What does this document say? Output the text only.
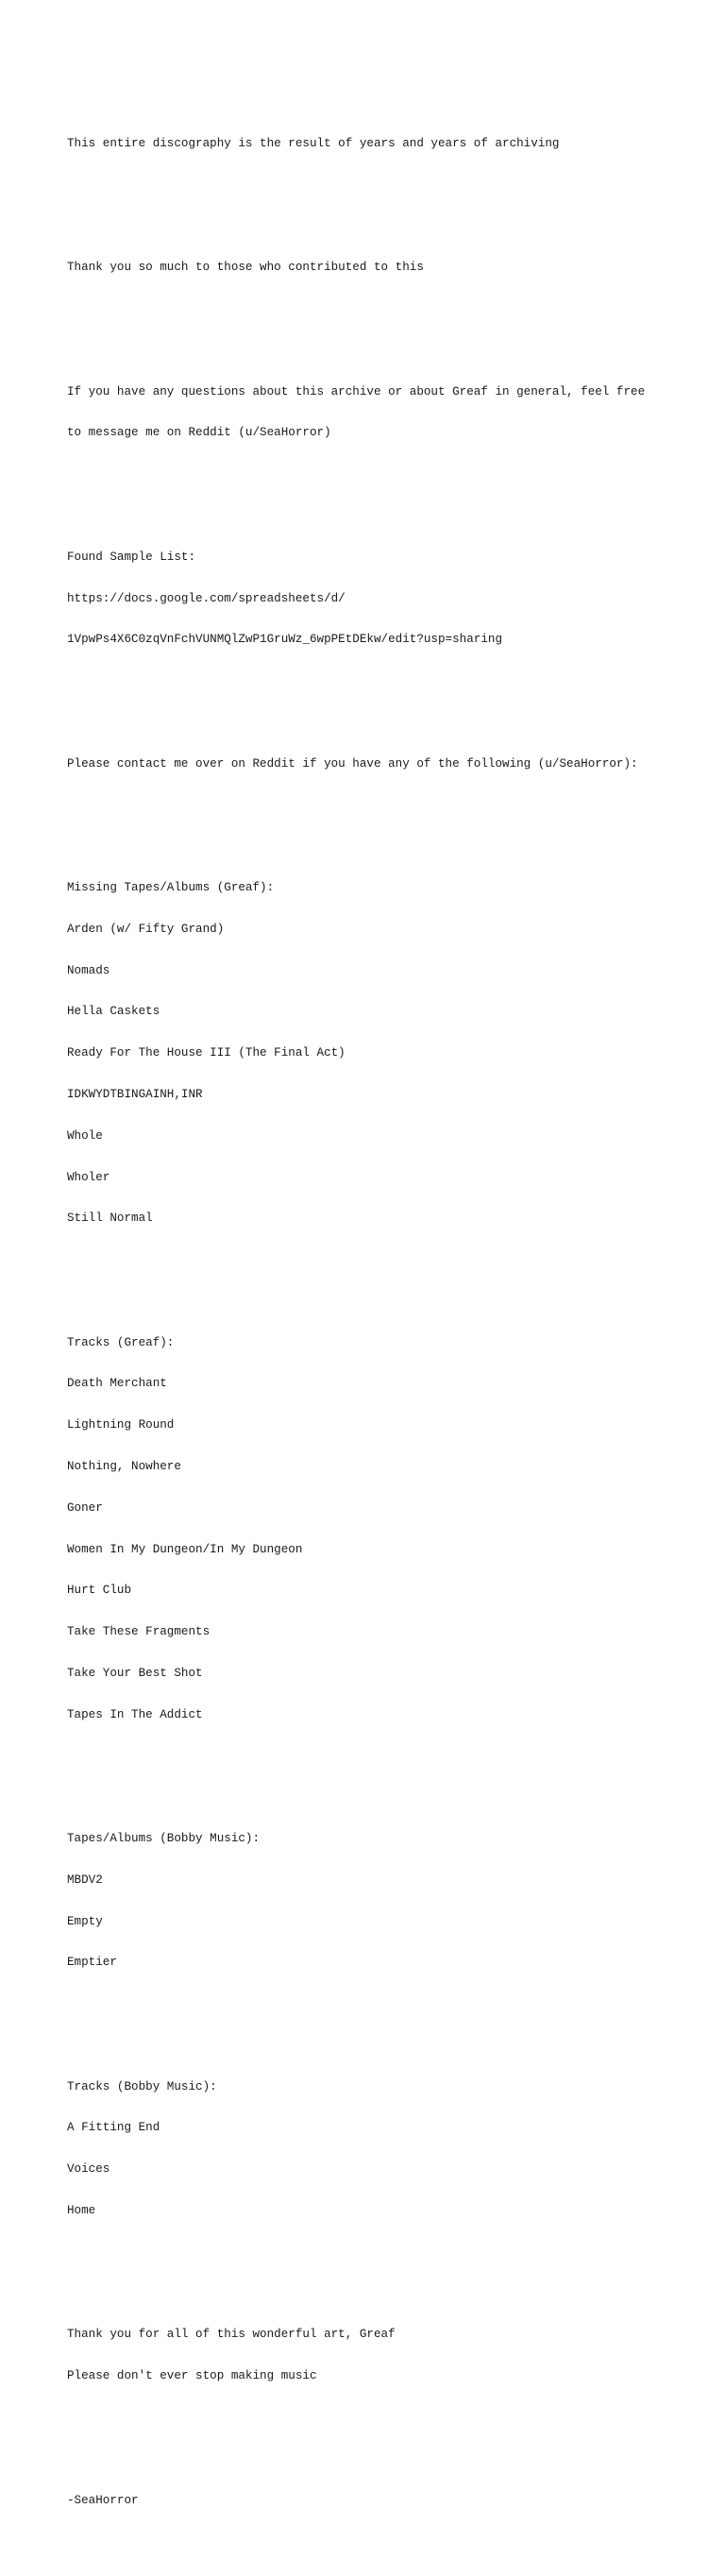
This entire discography is the result of years and years of archiving

Thank you so much to those who contributed to this

If you have any questions about this archive or about Greaf in general, feel free

to message me on Reddit (u/SeaHorror)

Found Sample List:

https://docs.google.com/spreadsheets/d/

1VpwPs4X6C0zqVnFchVUNMQlZwP1GruWz_6wpPEtDEkw/edit?usp=sharing

Please contact me over on Reddit if you have any of the following (u/SeaHorror):

Missing Tapes/Albums (Greaf):

Arden (w/ Fifty Grand)

Nomads

Hella Caskets

Ready For The House III (The Final Act)

IDKWYDTBINGAINH,INR

Whole

Wholer

Still Normal

Tracks (Greaf):

Death Merchant

Lightning Round

Nothing, Nowhere

Goner

Women In My Dungeon/In My Dungeon

Hurt Club

Take These Fragments

Take Your Best Shot

Tapes In The Addict

Tapes/Albums (Bobby Music):

MBDV2

Empty

Emptier

Tracks (Bobby Music):

A Fitting End

Voices

Home

Thank you for all of this wonderful art, Greaf

Please don't ever stop making music

-SeaHorror
